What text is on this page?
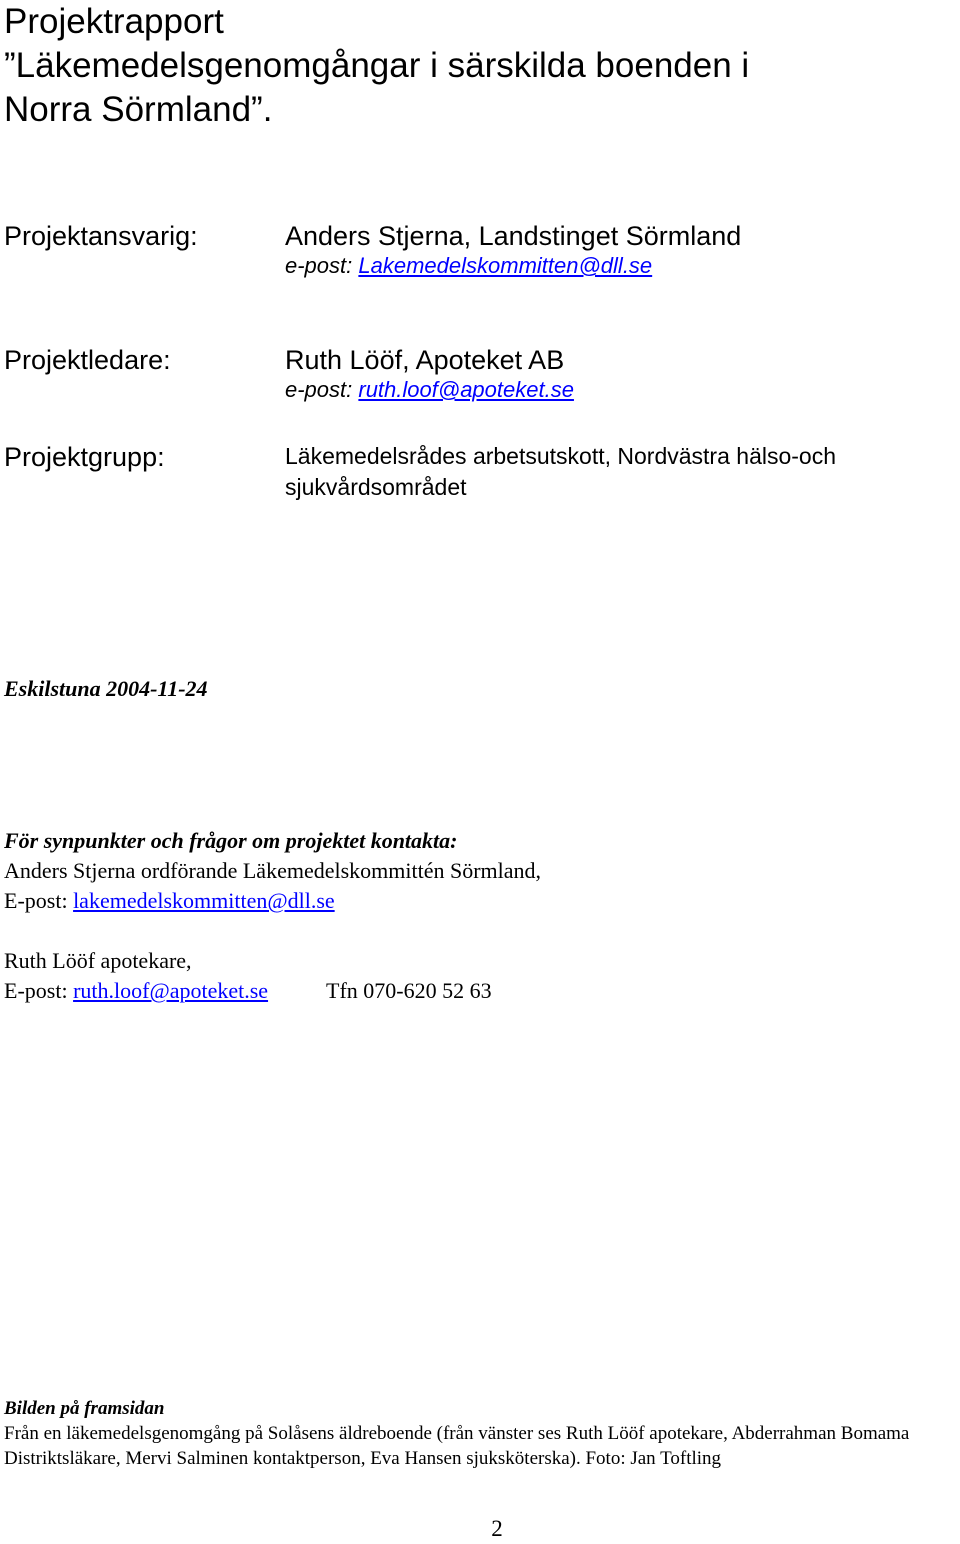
Projektrapport
”Läkemedelsgenomgångar i särskilda boenden i
Norra Sörmland”.
Projektansvarig:	Anders Stjerna, Landstinget Sörmland
e-post: Lakemedelskommitten@dll.se
Projektledare:	Ruth Lööf, Apoteket AB
e-post: ruth.loof@apoteket.se
Projektgrupp:	Läkemedelsrådes arbetsutskott, Nordvästra hälso-och sjukvårdsområdet
Eskilstuna 2004-11-24
För synpunkter och frågor om projektet kontakta:
Anders Stjerna ordförande Läkemedelskommittén Sörmland,
E-post: lakemedelskommitten@dll.se
Ruth Lööf apotekare,
E-post: ruth.loof@apoteket.se	Tfn 070-620 52 63
Bilden på framsidan
Från en läkemedelsgenomgång på Solåsens äldreboende (från vänster ses Ruth Lööf apotekare, Abderrahman Bomama Distriktsläkare, Mervi Salminen kontaktperson, Eva Hansen sjuksköterska). Foto: Jan Toftling
2
